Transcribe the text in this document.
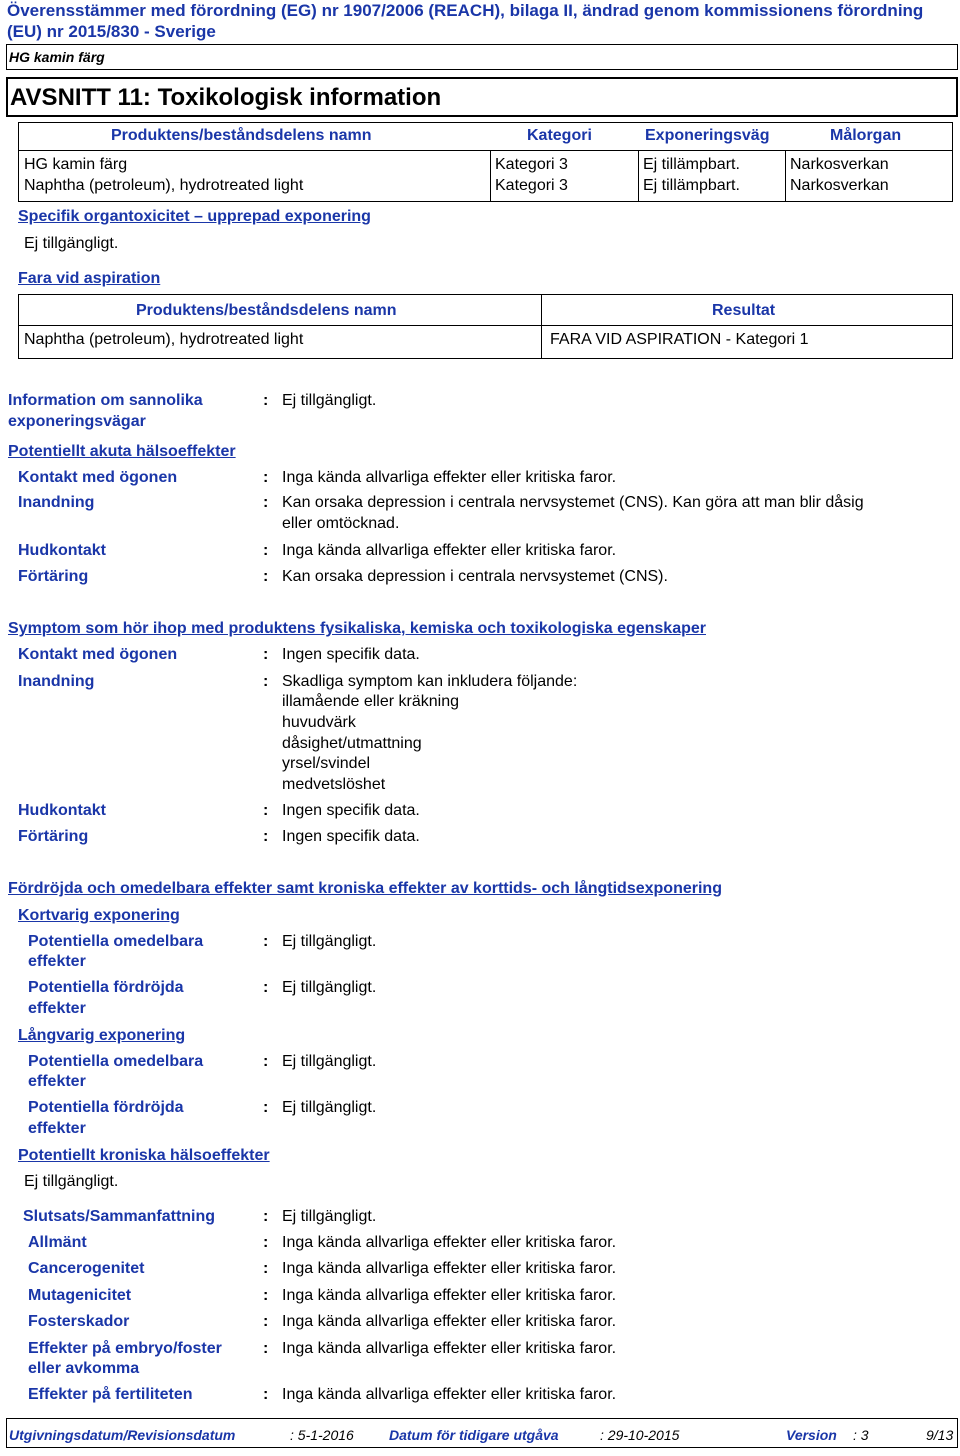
Överensstämmer med förordning (EG) nr 1907/2006 (REACH), bilaga II, ändrad genom kommissionens förordning (EU) nr 2015/830 - Sverige
HG kamin färg
AVSNITT 11: Toxikologisk information
Produktens/beståndsdelens namn	Kategori	Exponeringsväg	Målorgan
HG kamin färg	Kategori 3	Ej tillämpbart.	Narkosverkan
Naphtha (petroleum), hydrotreated light	Kategori 3	Ej tillämpbart.	Narkosverkan
Specifik organtoxicitet – upprepad exponering
Ej tillgängligt.
Fara vid aspiration
Produktens/beståndsdelens namn	Resultat
Naphtha (petroleum), hydrotreated light	FARA VID ASPIRATION - Kategori 1
Information om sannolika
exponeringsvägar
: Ej tillgängligt.
Potentiellt akuta hälsoeffekter
Kontakt med ögonen	: Inga kända allvarliga effekter eller kritiska faror.
Inandning	: Kan orsaka depression i centrala nervsystemet (CNS). Kan göra att man blir dåsig
eller omtöcknad.
Hudkontakt	: Inga kända allvarliga effekter eller kritiska faror.
Förtäring	: Kan orsaka depression i centrala nervsystemet (CNS).
Symptom som hör ihop med produktens fysikaliska, kemiska och toxikologiska egenskaper
Kontakt med ögonen	: Ingen specifik data.
Inandning	: Skadliga symptom kan inkludera följande:
illamående eller kräkning
huvudvärk
dåsighet/utmattning
yrsel/svindel
medvetslöshet
Hudkontakt	: Ingen specifik data.
Förtäring	: Ingen specifik data.
Fördröjda och omedelbara effekter samt kroniska effekter av korttids- och långtidsexponering
Kortvarig exponering
Potentiella omedelbara
effekter
: Ej tillgängligt.
Potentiella fördröjda
effekter
: Ej tillgängligt.
Långvarig exponering
Potentiella omedelbara
effekter
: Ej tillgängligt.
Potentiella fördröjda
effekter
: Ej tillgängligt.
Potentiellt kroniska hälsoeffekter
Ej tillgängligt.
Slutsats/Sammanfattning	: Ej tillgängligt.
Allmänt	: Inga kända allvarliga effekter eller kritiska faror.
Cancerogenitet	: Inga kända allvarliga effekter eller kritiska faror.
Mutagenicitet	: Inga kända allvarliga effekter eller kritiska faror.
Fosterskador	: Inga kända allvarliga effekter eller kritiska faror.
Effekter på embryo/foster
eller avkomma
: Inga kända allvarliga effekter eller kritiska faror.
Effekter på fertiliteten	: Inga kända allvarliga effekter eller kritiska faror.
Utgivningsdatum/Revisionsdatum	: 5-1-2016	Datum för tidigare utgåva	: 29-10-2015	Version : 3	9/13
